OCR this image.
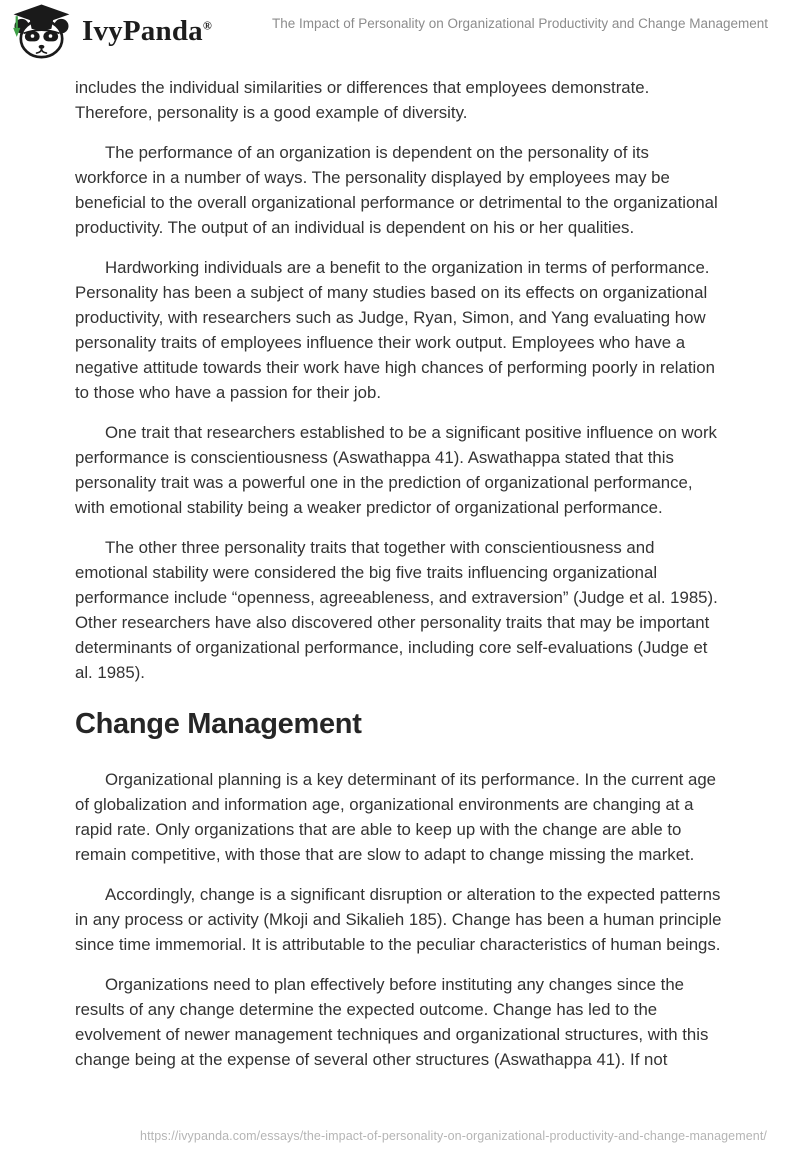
IvyPanda®	The Impact of Personality on Organizational Productivity and Change Management

includes the individual similarities or differences that employees demonstrate. Therefore, personality is a good example of diversity.

The performance of an organization is dependent on the personality of its workforce in a number of ways. The personality displayed by employees may be beneficial to the overall organizational performance or detrimental to the organizational productivity. The output of an individual is dependent on his or her qualities.

Hardworking individuals are a benefit to the organization in terms of performance. Personality has been a subject of many studies based on its effects on organizational productivity, with researchers such as Judge, Ryan, Simon, and Yang evaluating how personality traits of employees influence their work output. Employees who have a negative attitude towards their work have high chances of performing poorly in relation to those who have a passion for their job.

One trait that researchers established to be a significant positive influence on work performance is conscientiousness (Aswathappa 41). Aswathappa stated that this personality trait was a powerful one in the prediction of organizational performance, with emotional stability being a weaker predictor of organizational performance.

The other three personality traits that together with conscientiousness and emotional stability were considered the big five traits influencing organizational performance include “openness, agreeableness, and extraversion” (Judge et al. 1985). Other researchers have also discovered other personality traits that may be important determinants of organizational performance, including core self-evaluations (Judge et al. 1985).

Change Management

Organizational planning is a key determinant of its performance. In the current age of globalization and information age, organizational environments are changing at a rapid rate. Only organizations that are able to keep up with the change are able to remain competitive, with those that are slow to adapt to change missing the market.

Accordingly, change is a significant disruption or alteration to the expected patterns in any process or activity (Mkoji and Sikalieh 185). Change has been a human principle since time immemorial. It is attributable to the peculiar characteristics of human beings.

Organizations need to plan effectively before instituting any changes since the results of any change determine the expected outcome. Change has led to the evolvement of newer management techniques and organizational structures, with this change being at the expense of several other structures (Aswathappa 41). If not

https://ivypanda.com/essays/the-impact-of-personality-on-organizational-productivity-and-change-management/
